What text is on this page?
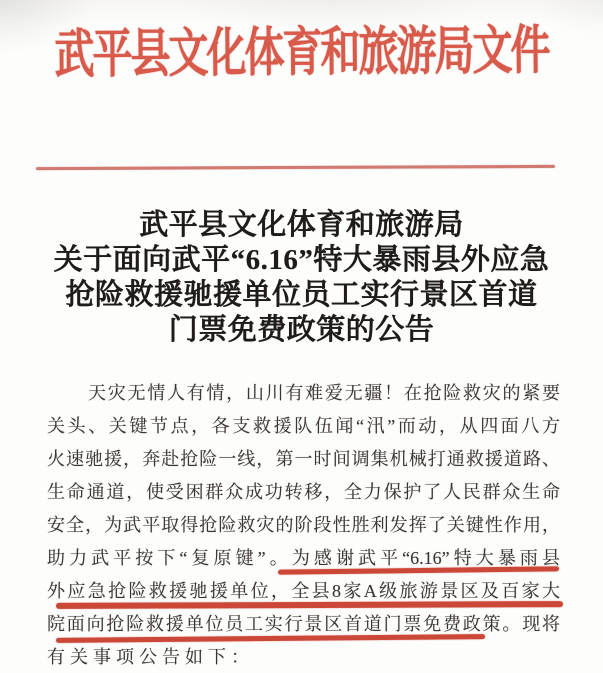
武平县文化体育和旅游局文件
武平县文化体育和旅游局
关于面向武平“6.16”特大暴雨县外应急
抢险救援驰援单位员工实行景区首道
门票免费政策的公告
天灾无情人有情，山川有难爱无疆！在抢险救灾的紧要
关头、关键节点，各支救援队伍闻“汛”而动，从四面八方
火速驰援，奔赴抢险一线，第一时间调集机械打通救援道路、
生命通道，使受困群众成功转移，全力保护了人民群众生命
安全，为武平取得抢险救灾的阶段性胜利发挥了关键性作用，
助力武平按下“复原键”。为感谢武平“6.16”特大暴雨县
外应急抢险救援驰援单位，全县8家A级旅游景区及百家大
院面向抢险救援单位员工实行景区首道门票免费政策。现将
有关事项公告如下：
